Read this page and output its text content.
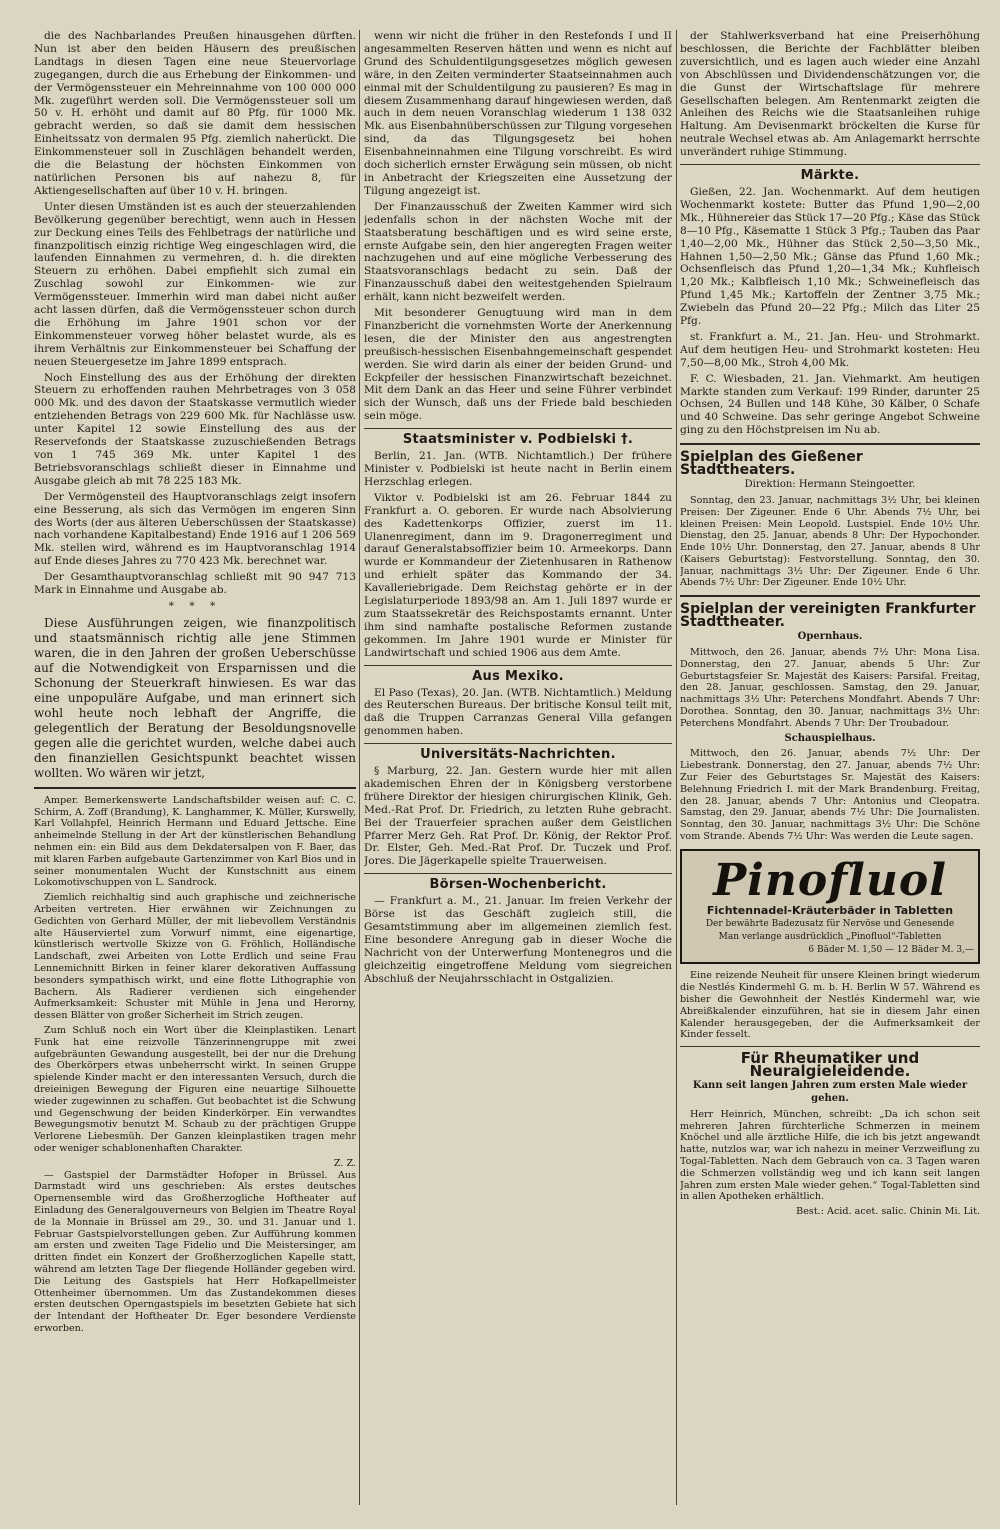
die des Nachbarlandes Preußen hinausgehen dürften. Nun ist aber den beiden Häusern des preußischen Landtags in diesen Tagen eine neue Steuervorlage zugegangen, durch die aus Erhebung der Einkommen- und der Vermögenssteuer ein Mehreinnahme von 100 000 000 Mk. zugeführt werden soll. Die Vermögenssteuer soll um 50 v. H. erhöht und damit auf 80 Pfg. für 1000 Mk. gebracht werden, so daß sie damit dem hessischen Einheitssatz von dermalen 95 Pfg. ziemlich naherückt. Die Einkommensteuer soll in Zuschlägen behandelt werden, die die Belastung der höchsten Einkommen von natürlichen Personen bis auf nahezu 8, für Aktiengesellschaften auf über 10 v. H. bringen.

Unter diesen Umständen ist es auch der steuerzahlenden Bevölkerung gegenüber berechtigt, wenn auch in Hessen zur Deckung eines Teils des Fehlbetrags der natürliche und finanzpolitisch einzig richtige Weg eingeschlagen wird, die laufenden Einnahmen zu vermehren, d. h. die direkten Steuern zu erhöhen. Dabei empfiehlt sich zumal ein Zuschlag sowohl zur Einkommen- wie zur Vermögenssteuer. Immerhin wird man dabei nicht außer acht lassen dürfen, daß die Vermögenssteuer schon durch die Erhöhung im Jahre 1901 schon vor der Einkommensteuer vorweg höher belastet wurde, als es ihrem Verhältnis zur Einkommensteuer bei Schaffung der neuen Steuergesetze im Jahre 1899 entsprach.

Noch Einstellung des aus der Erhöhung der direkten Steuern zu erhoffenden rauhen Mehrbetrages von 3 058 000 Mk. und des davon der Staatskasse vermutlich wieder entziehenden Betrags von 229 600 Mk. für Nachlässe usw. unter Kapitel 12 sowie Einstellung des aus der Reservefonds der Staatskasse zuzuschießenden Betrags von 1 745 369 Mk. unter Kapitel 1 des Betriebsvoranschlags schließt dieser in Einnahme und Ausgabe gleich ab mit 78 225 183 Mk.

Der Vermögensteil des Hauptvoranschlags zeigt insofern eine Besserung, als sich das Vermögen im engeren Sinn des Worts (der aus älteren Ueberschüssen der Staatskasse) nach vorhandene Kapitalbestand) Ende 1916 auf 1 206 569 Mk. stellen wird, während es im Hauptvoranschlag 1914 auf Ende dieses Jahres zu 770 423 Mk. berechnet war.

Der Gesamthauptvoranschlag schließt mit 90 947 713 Mark in Einnahme und Ausgabe ab.

* * *

Diese Ausführungen zeigen, wie finanzpolitisch und staatsmännisch richtig alle jene Stimmen waren, die in den Jahren der großen Ueberschüsse auf die Notwendigkeit von Ersparnissen und die Schonung der Steuerkraft hinwiesen. Es war das eine unpopuläre Aufgabe, und man erinnert sich wohl heute noch lebhaft der Angriffe, die gelegentlich der Beratung der Besoldungsnovelle gegen alle die gerichtet wurden, welche dabei auch den finanziellen Gesichtspunkt beachtet wissen wollten. Wo wären wir jetzt,

Amper. Bemerkenswerte Landschaftsbilder weisen auf: C. C. Schirm, A. Zoff (Brandung), K. Langhammer, K. Müller, Kurswelly, Karl Vollahpfel, Heinrich Hermann und Eduard Jettsche. Eine anheimelnde Stellung in der Art der künstlerischen Behandlung nehmen ein: ein Bild aus dem Dekdatersalpen von F. Baer, das mit klaren Farben aufgebaute Gartenzimmer von Karl Bios und in seiner monumentalen Wucht der Kunstschnitt aus einem Lokomotivschuppen von L. Sandrock.

Ziemlich reichhaltig sind auch graphische und zeichnerische Arbeiten vertreten. Hier erwähnen wir Zeichnungen zu Gedichten von Gerhard Müller, der mit liebevollem Verständnis alte Häuserviertel zum Vorwurf nimmt, eine eigenartige, künstlerisch wertvolle Skizze von G. Fröhlich, Holländische Landschaft, zwei Arbeiten von Lotte Erdlich und seine Frau Lennemichnitt Birken in feiner klarer dekorativen Auffassung besonders sympathisch wirkt, und eine flotte Lithographie von Bachern. Als Radierer verdienen sich eingehender Aufmerksamkeit: Schuster mit Mühle in Jena und Herorny, dessen Blätter von großer Sicherheit im Strich zeugen.

Zum Schluß noch ein Wort über die Kleinplastiken. Lenart Funk hat eine reizvolle Tänzerinnengruppe mit zwei aufgebräunten Gewandung ausgestellt, bei der nur die Drehung des Oberkörpers etwas unbeherrscht wirkt. In seinen Gruppe spielende Kinder macht er den interessanten Versuch, durch die dreieinigen Bewegung der Figuren eine neuartige Silhouette wieder zugewinnen zu schaffen. Gut beobachtet ist die Schwung und Gegenschwung der beiden Kinderkörper. Ein verwandtes Bewegungsmotiv benutzt M. Schaub zu der prächtigen Gruppe Verlorene Liebesmüh. Der Ganzen kleinplastiken tragen mehr oder weniger schablonenhaften Charakter.

Z. Z.

— Gastspiel der Darmstädter Hofoper in Brüssel. Aus Darmstadt wird uns geschrieben: Als erstes deutsches Opernensemble wird das Großherzogliche Hoftheater auf Einladung des Generalgouverneurs von Belgien im Theatre Royal de la Monnaie in Brüssel am 29., 30. und 31. Januar und 1. Februar Gastspielvorstellungen geben. Zur Aufführung kommen am ersten und zweiten Tage Fidelio und Die Meistersinger, am dritten findet ein Konzert der Großherzoglichen Kapelle statt, während am letzten Tage Der fliegende Holländer gegeben wird. Die Leitung des Gastspiels hat Herr Hofkapellmeister Ottenheimer übernommen. Um das Zustandekommen dieses ersten deutschen Operngastspiels im besetzten Gebiete hat sich der Intendant der Hoftheater Dr. Eger besondere Verdienste erworben.

wenn wir nicht die früher in den Restefonds I und II angesammelten Reserven hätten und wenn es nicht auf Grund des Schuldentilgungsgesetzes möglich gewesen wäre, in den Zeiten verminderter Staatseinnahmen auch einmal mit der Schuldentilgung zu pausieren? Es mag in diesem Zusammenhang darauf hingewiesen werden, daß auch in dem neuen Voranschlag wiederum 1 138 032 Mk. aus Eisenbahnüberschüssen zur Tilgung vorgesehen sind, da das Tilgungsgesetz bei hohen Eisenbahneinnahmen eine Tilgung vorschreibt. Es wird doch sicherlich ernster Erwägung sein müssen, ob nicht in Anbetracht der Kriegszeiten eine Aussetzung der Tilgung angezeigt ist.

Der Finanzausschuß der Zweiten Kammer wird sich jedenfalls schon in der nächsten Woche mit der Staatsberatung beschäftigen und es wird seine erste, ernste Aufgabe sein, den hier angeregten Fragen weiter nachzugehen und auf eine mögliche Verbesserung des Staatsvoranschlags bedacht zu sein. Daß der Finanzausschuß dabei den weitestgehenden Spielraum erhält, kann nicht bezweifelt werden.

Mit besonderer Genugtuung wird man in dem Finanzbericht die vornehmsten Worte der Anerkennung lesen, die der Minister den aus angestrengten preußisch-hessischen Eisenbahngemeinschaft gespendet werden. Sie wird darin als einer der beiden Grund- und Eckpfeiler der hessischen Finanzwirtschaft bezeichnet. Mit dem Dank an das Heer und seine Führer verbindet sich der Wunsch, daß uns der Friede bald beschieden sein möge.

Staatsminister v. Podbielski †.

Berlin, 21. Jan. (WTB. Nichtamtlich.) Der frühere Minister v. Podbielski ist heute nacht in Berlin einem Herzschlag erlegen.

Viktor v. Podbielski ist am 26. Februar 1844 zu Frankfurt a. O. geboren. Er wurde nach Absolvierung des Kadettenkorps Offizier, zuerst im 11. Ulanenregiment, dann im 9. Dragonerregiment und darauf Generalstabsoffizier beim 10. Armeekorps. Dann wurde er Kommandeur der Zietenhusaren in Rathenow und erhielt später das Kommando der 34. Kavalleriebrigade. Dem Reichstag gehörte er in der Legislaturperiode 1893/98 an. Am 1. Juli 1897 wurde er zum Staatssekretär des Reichspostamts ernannt. Unter ihm sind namhafte postalische Reformen zustande gekommen. Im Jahre 1901 wurde er Minister für Landwirtschaft und schied 1906 aus dem Amte.

Aus Mexiko.

El Paso (Texas), 20. Jan. (WTB. Nichtamtlich.) Meldung des Reuterschen Bureaus. Der britische Konsul teilt mit, daß die Truppen Carranzas General Villa gefangen genommen haben.

Universitäts-Nachrichten.

§ Marburg, 22. Jan. Gestern wurde hier mit allen akademischen Ehren der in Königsberg verstorbene frühere Direktor der hiesigen chirurgischen Klinik, Geh. Med.-Rat Prof. Dr. Friedrich, zu letzten Ruhe gebracht. Bei der Trauerfeier sprachen außer dem Geistlichen Pfarrer Merz Geh. Rat Prof. Dr. König, der Rektor Prof. Dr. Elster, Geh. Med.-Rat Prof. Dr. Tuczek und Prof. Jores. Die Jägerkapelle spielte Trauerweisen.

Börsen-Wochenbericht.

— Frankfurt a. M., 21. Januar. Im freien Verkehr der Börse ist das Geschäft zugleich still, die Gesamtstimmung aber im allgemeinen ziemlich fest. Eine besondere Anregung gab in dieser Woche die Nachricht von der Unterwerfung Montenegros und die gleichzeitig eingetroffene Meldung vom siegreichen Abschluß der Neujahrsschlacht in Ostgalizien.

der Stahlwerksverband hat eine Preiserhöhung beschlossen, die Berichte der Fachblätter bleiben zuversichtlich, und es lagen auch wieder eine Anzahl von Abschlüssen und Dividendenschätzungen vor, die die Gunst der Wirtschaftslage für mehrere Gesellschaften belegen. Am Rentenmarkt zeigten die Anleihen des Reichs wie die Staatsanleihen ruhige Haltung. Am Devisenmarkt bröckelten die Kurse für neutrale Wechsel etwas ab. Am Anlagemarkt herrschte unverändert ruhige Stimmung.

Märkte.

Gießen, 22. Jan. Wochenmarkt. Auf dem heutigen Wochenmarkt kostete: Butter das Pfund 1,90—2,00 Mk., Hühnereier das Stück 17—20 Pfg.; Käse das Stück 8—10 Pfg., Käsematte 1 Stück 3 Pfg.; Tauben das Paar 1,40—2,00 Mk., Hühner das Stück 2,50—3,50 Mk., Hahnen 1,50—2,50 Mk.; Gänse das Pfund 1,60 Mk.; Ochsenfleisch das Pfund 1,20—1,34 Mk.; Kuhfleisch 1,20 Mk.; Kalbfleisch 1,10 Mk.; Schweinefleisch das Pfund 1,45 Mk.; Kartoffeln der Zentner 3,75 Mk.; Zwiebeln das Pfund 20—22 Pfg.; Milch das Liter 25 Pfg.

st. Frankfurt a. M., 21. Jan. Heu- und Strohmarkt. Auf dem heutigen Heu- und Strohmarkt kosteten: Heu 7,50—8,00 Mk., Stroh 4,00 Mk.

F. C. Wiesbaden, 21. Jan. Viehmarkt. Am heutigen Markte standen zum Verkauf: 199 Rinder, darunter 25 Ochsen, 24 Bullen und 148 Kühe, 30 Kälber, 0 Schafe und 40 Schweine. Das sehr geringe Angebot Schweine ging zu den Höchstpreisen im Nu ab.

Spielplan des Gießener Stadttheaters.
Direktion: Hermann Steingoetter.

Sonntag, den 23. Januar, nachmittags 3½ Uhr, bei kleinen Preisen: Der Zigeuner. Ende 6 Uhr. Abends 7½ Uhr, bei kleinen Preisen: Mein Leopold. Lustspiel. Ende 10½ Uhr. Dienstag, den 25. Januar, abends 8 Uhr: Der Hypochonder. Ende 10½ Uhr. Donnerstag, den 27. Januar, abends 8 Uhr (Kaisers Geburtstag): Festvorstellung. Sonntag, den 30. Januar, nachmittags 3½ Uhr: Der Zigeuner. Ende 6 Uhr. Abends 7½ Uhr: Der Zigeuner. Ende 10½ Uhr.

Spielplan der vereinigten Frankfurter Stadttheater.
Opernhaus.

Mittwoch, den 26. Januar, abends 7½ Uhr: Mona Lisa. Donnerstag, den 27. Januar, abends 5 Uhr: Zur Geburtstagsfeier Sr. Majestät des Kaisers: Parsifal. Freitag, den 28. Januar, geschlossen. Samstag, den 29. Januar, nachmittags 3½ Uhr: Peterchens Mondfahrt. Abends 7 Uhr: Dorothea. Sonntag, den 30. Januar, nachmittags 3½ Uhr: Peterchens Mondfahrt. Abends 7 Uhr: Der Troubadour.

Schauspielhaus.

Mittwoch, den 26. Januar, abends 7½ Uhr: Der Liebestrank. Donnerstag, den 27. Januar, abends 7½ Uhr: Zur Feier des Geburtstages Sr. Majestät des Kaisers: Belehnung Friedrich I. mit der Mark Brandenburg. Freitag, den 28. Januar, abends 7 Uhr: Antonius und Cleopatra. Samstag, den 29. Januar, abends 7½ Uhr: Die Journalisten. Sonntag, den 30. Januar, nachmittags 3½ Uhr: Die Schöne vom Strande. Abends 7½ Uhr: Was werden die Leute sagen.

Pinofluol
Fichtennadel-Kräuterbäder in Tabletten
Der bewährte Badezusatz für Nervöse und Genesende
Man verlange ausdrücklich „Pinofluol“-Tabletten
6 Bäder M. 1,50 — 12 Bäder M. 3,—

Eine reizende Neuheit für unsere Kleinen bringt wiederum die Nestlés Kindermehl G. m. b. H. Berlin W 57. Während es bisher die Gewohnheit der Nestlés Kindermehl war, wie Abreißkalender einzuführen, hat sie in diesem Jahr einen Kalender herausgegeben, der die Aufmerksamkeit der Kinder fesselt.

Für Rheumatiker und Neuralgieleidende.
Kann seit langen Jahren zum ersten Male wieder gehen.

Herr Heinrich, München, schreibt: „Da ich schon seit mehreren Jahren fürchterliche Schmerzen in meinem Knöchel und alle ärztliche Hilfe, die ich bis jetzt angewandt hatte, nutzlos war, war ich nahezu in meiner Verzweiflung zu Togal-Tabletten. Nach dem Gebrauch von ca. 3 Tagen waren die Schmerzen vollständig weg und ich kann seit langen Jahren zum ersten Male wieder gehen.“ Togal-Tabletten sind in allen Apotheken erhältlich.

Best.: Acid. acet. salic. Chinin Mi. Lit.
